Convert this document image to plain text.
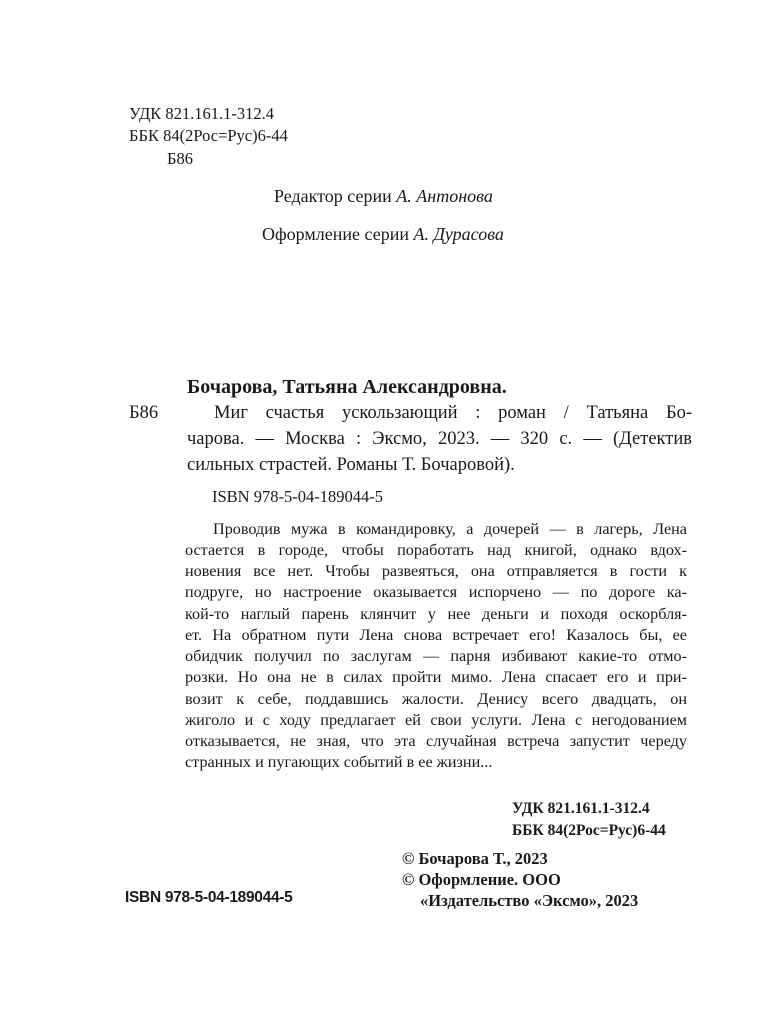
УДК 821.161.1-312.4
ББК 84(2Рос=Рус)6-44
Б86
Редактор серии А. Антонова
Оформление серии А. Дурасова
Бочарова, Татьяна Александровна.
Б86	Миг счастья ускользающий : роман / Татьяна Бо-
чарова. — Москва : Эксмо, 2023. — 320 с. — (Детектив
сильных страстей. Романы Т. Бочаровой).
ISBN 978-5-04-189044-5
Проводив мужа в командировку, а дочерей — в лагерь, Лена
остается в городе, чтобы поработать над книгой, однако вдох-
новения все нет. Чтобы развеяться, она отправляется в гости к
подруге, но настроение оказывается испорчено — по дороге ка-
кой-то наглый парень клянчит у нее деньги и походя оскорбля-
ет. На обратном пути Лена снова встречает его! Казалось бы, ее
обидчик получил по заслугам — парня избивают какие-то отмо-
розки. Но она не в силах пройти мимо. Лена спасает его и при-
возит к себе, поддавшись жалости. Денису всего двадцать, он
жиголо и с ходу предлагает ей свои услуги. Лена с негодованием
отказывается, не зная, что эта случайная встреча запустит череду
странных и пугающих событий в ее жизни...
УДК 821.161.1-312.4
ББК 84(2Рос=Рус)6-44
© Бочарова Т., 2023
© Оформление. ООО
«Издательство «Эксмо», 2023
ISBN 978-5-04-189044-5
